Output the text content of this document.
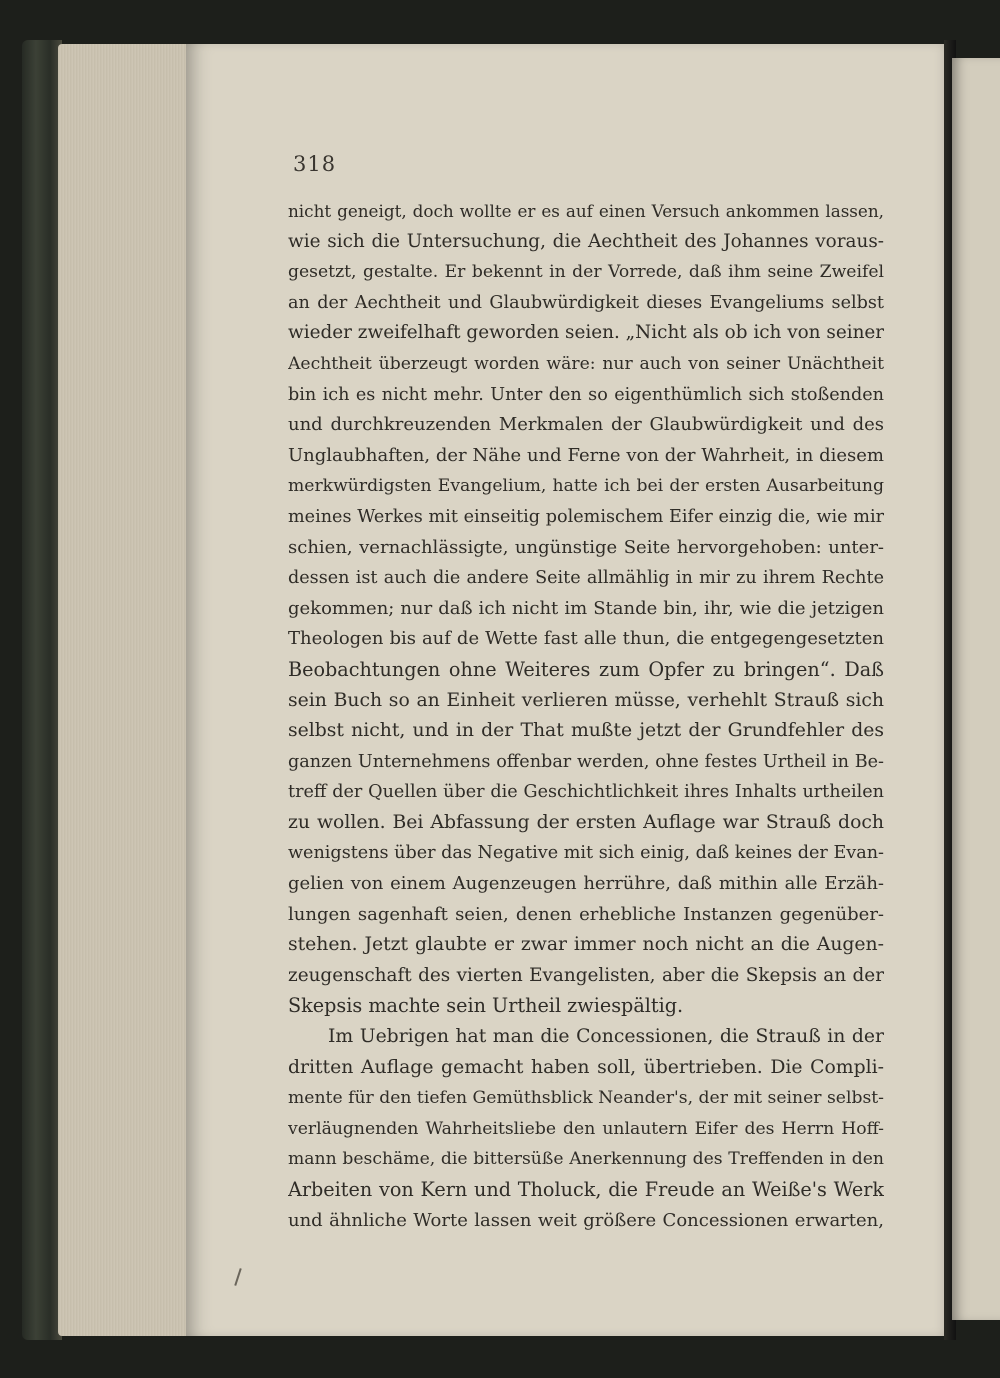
318
nicht geneigt, doch wollte er es auf einen Versuch ankommen lassen,
wie sich die Untersuchung, die Aechtheit des Johannes voraus-
gesetzt, gestalte. Er bekennt in der Vorrede, daß ihm seine Zweifel
an der Aechtheit und Glaubwürdigkeit dieses Evangeliums selbst
wieder zweifelhaft geworden seien. „Nicht als ob ich von seiner
Aechtheit überzeugt worden wäre: nur auch von seiner Unächtheit
bin ich es nicht mehr. Unter den so eigenthümlich sich stoßenden
und durchkreuzenden Merkmalen der Glaubwürdigkeit und des
Unglaubhaften, der Nähe und Ferne von der Wahrheit, in diesem
merkwürdigsten Evangelium, hatte ich bei der ersten Ausarbeitung
meines Werkes mit einseitig polemischem Eifer einzig die, wie mir
schien, vernachlässigte, ungünstige Seite hervorgehoben: unter-
dessen ist auch die andere Seite allmählig in mir zu ihrem Rechte
gekommen; nur daß ich nicht im Stande bin, ihr, wie die jetzigen
Theologen bis auf de Wette fast alle thun, die entgegengesetzten
Beobachtungen ohne Weiteres zum Opfer zu bringen“. Daß
sein Buch so an Einheit verlieren müsse, verhehlt Strauß sich
selbst nicht, und in der That mußte jetzt der Grundfehler des
ganzen Unternehmens offenbar werden, ohne festes Urtheil in Be-
treff der Quellen über die Geschichtlichkeit ihres Inhalts urtheilen
zu wollen. Bei Abfassung der ersten Auflage war Strauß doch
wenigstens über das Negative mit sich einig, daß keines der Evan-
gelien von einem Augenzeugen herrühre, daß mithin alle Erzäh-
lungen sagenhaft seien, denen erhebliche Instanzen gegenüber-
stehen. Jetzt glaubte er zwar immer noch nicht an die Augen-
zeugenschaft des vierten Evangelisten, aber die Skepsis an der
Skepsis machte sein Urtheil zwiespältig.
Im Uebrigen hat man die Concessionen, die Strauß in der
dritten Auflage gemacht haben soll, übertrieben. Die Compli-
mente für den tiefen Gemüthsblick Neander's, der mit seiner selbst-
verläugnenden Wahrheitsliebe den unlautern Eifer des Herrn Hoff-
mann beschäme, die bittersüße Anerkennung des Treffenden in den
Arbeiten von Kern und Tholuck, die Freude an Weiße's Werk
und ähnliche Worte lassen weit größere Concessionen erwarten,
